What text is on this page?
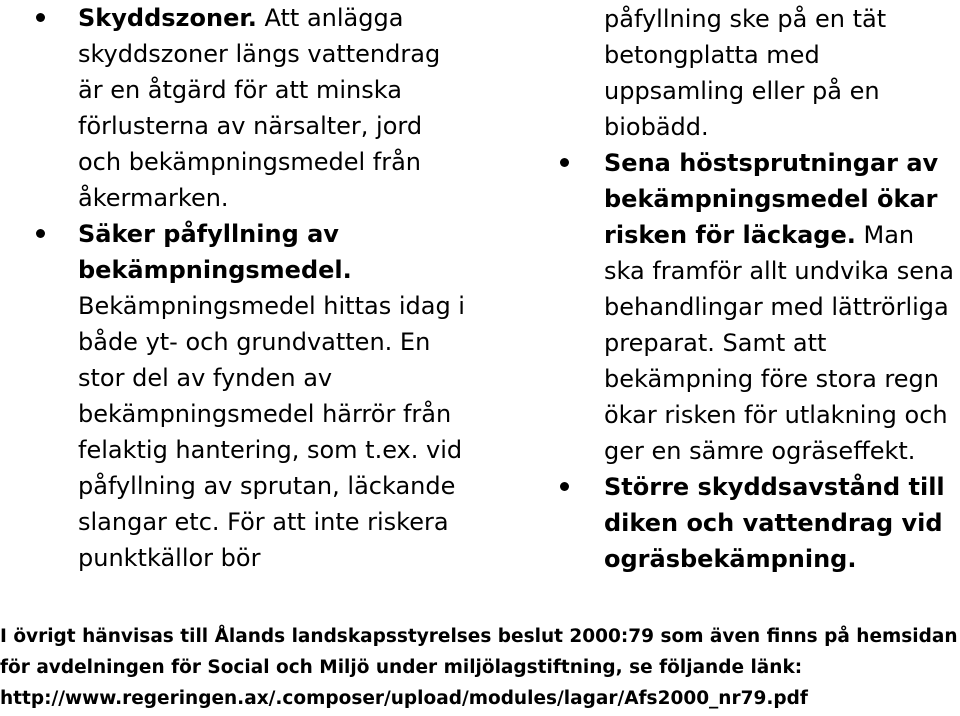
Skyddszoner. Att anlägga skyddszoner längs vattendrag är en åtgärd för att minska förlusterna av närsalter, jord och bekämpningsmedel från åkermarken.
Säker påfyllning av bekämpningsmedel. Bekämpningsmedel hittas idag i både yt- och grundvatten. En stor del av fynden av bekämpningsmedel härrör från felaktig hantering, som t.ex. vid påfyllning av sprutan, läckande slangar etc. För att inte riskera punktkällor bör
påfyllning ske på en tät betongplatta med uppsamling eller på en biobädd.
Sena höstsprutningar av bekämpningsmedel ökar risken för läckage. Man ska framför allt undvika sena behandlingar med lättrörliga preparat. Samt att bekämpning före stora regn ökar risken för utlakning och ger en sämre ogräseffekt.
Större skyddsavstånd till diken och vattendrag vid ogräsbekämpning.
I övrigt hänvisas till Ålands landskapsstyrelses beslut 2000:79 som även finns på hemsidan
för avdelningen för Social och Miljö under miljölagstiftning, se följande länk:
http://www.regeringen.ax/.composer/upload/modules/lagar/Afs2000_nr79.pdf
